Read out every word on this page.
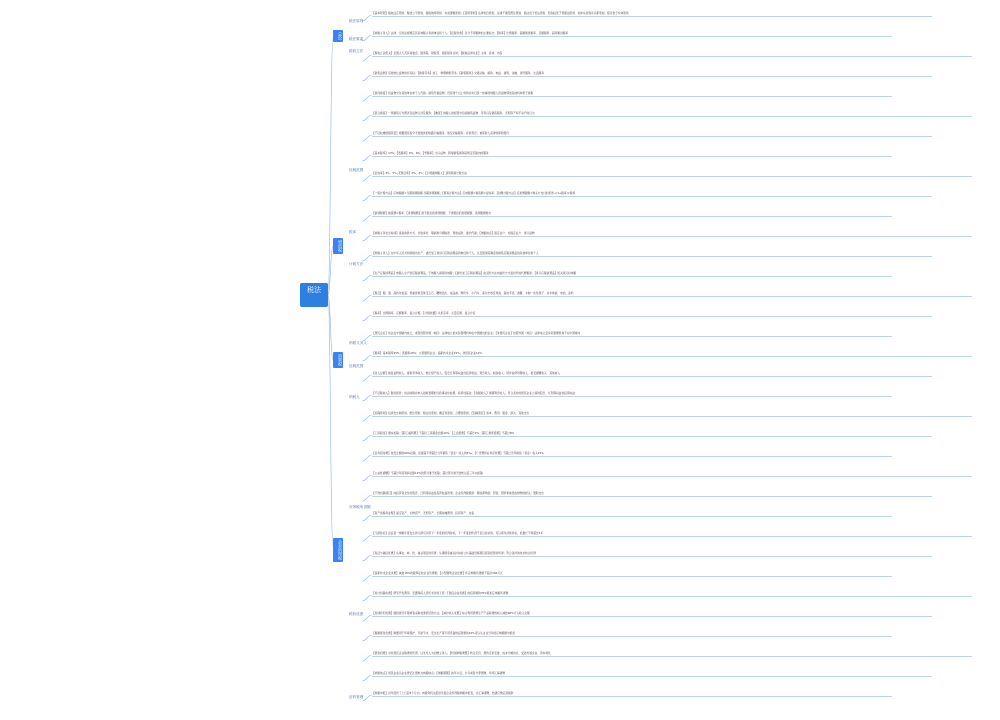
税法
总论
增值税
消费税
企业所得税
税法原则
税法要素
税收立法
征税范围
税率
计税方法
纳税义务人
征税范围
纳税人
应纳税所得额
税收优惠
征收管理
【基本原则】税收法定原则、税收公平原则、税收效率原则、实质课税原则；【适用原则】法律优位原则、法律不溯及既往原则、新法优于旧法原则、特别法优于普通法原则、实体从旧程序从新原则、程序优于实体原则
【纳税义务人】法律、行政法规规定负有纳税义务的单位和个人；【征税对象】区分不同税种的主要标志；【税率】比例税率、超额累进税率、定额税率、超率累进税率
【税收立法机关】全国人大及其常委会、国务院、财政部、国家税务总局；【税收法律关系】主体、客体、内容
【销售货物】有偿转让货物的所有权；【销售劳务】加工、修理修配劳务；【销售服务】交通运输、邮政、电信、建筑、金融、现代服务、生活服务
【视同销售】将货物交付其他单位或个人代销；销售代销货物；设有两个以上机构并实行统一核算的纳税人将货物移送其他机构用于销售
【混合销售】一项销售行为既涉及货物又涉及服务；【兼营】纳税人的经营中包括销售货物、劳务以及销售服务、无形资产和不动产的行为
【不征收增值税项目】根据国家指令无偿提供的铁路运输服务、航空运输服务；存款利息；被保险人获得的保险赔付
【基本税率】13%；【低税率】9%、6%；【零税率】出口货物、跨境销售国务院规定范围内的服务
【征收率】3%、5%；【预征率】2%、3%；【小规模纳税人】适用简易计税方法
【一般计税方法】应纳税额=当期销项税额-当期进项税额；【简易计税方法】应纳税额=销售额×征收率；【扣缴计税方法】应扣缴税额=购买方支付的价款÷(1+税率)×税率
【销项税额】销售额×税率；【进项税额】准予抵扣的进项税额、不得抵扣的进项税额、进项税额转出
【纳税义务发生时间】直接收款方式、托收承付、赊销和分期收款、预收货款、委托代销；【纳税地点】固定业户、非固定业户、进口货物
【纳税义务人】在中华人民共和国境内生产、委托加工和进口应税消费品的单位和个人，以及国务院确定的销售应税消费品的其他单位和个人
【生产应税消费品】纳税人生产的应税消费品，于纳税人销售时纳税；【委托加工应税消费品】由受托方在向委托方交货时代收代缴税款；【进口应税消费品】报关进口时纳税
【税目】烟、酒、高档化妆品、贵重首饰及珠宝玉石、鞭炮焰火、成品油、摩托车、小汽车、高尔夫球及球具、高档手表、游艇、木制一次性筷子、实木地板、电池、涂料
【税率】比例税率、定额税率、复合计税；【计税依据】从价定率、从量定额、复合计征
【居民企业】依法在中国境内成立，或者依照外国（地区）法律成立但实际管理机构在中国境内的企业；【非居民企业】依照外国（地区）法律成立且实际管理机构不在中国境内
【税率】基本税率25%；低税率20%；小型微利企业、高新技术企业15%；非居民企业10%
【收入总额】销售货物收入、提供劳务收入、转让财产收入、股息红利等权益性投资收益、利息收入、租金收入、特许权使用费收入、接受捐赠收入、其他收入
【不征税收入】财政拨款；依法收取并纳入财政管理的行政事业性收费、政府性基金；【免税收入】国债利息收入；符合条件的居民企业之间的股息、红利等权益性投资收益
【扣除原则】权责发生制原则、配比原则、相关性原则、确定性原则、合理性原则；【扣除项目】成本、费用、税金、损失、其他支出
【工资薪金】据实扣除；【职工福利费】不超过工资薪金总额14%；【工会经费】不超过2%；【职工教育经费】不超过8%
【业务招待费】按发生额的60%扣除，但最高不得超过当年销售（营业）收入的5‰；【广告费和业务宣传费】不超过当年销售（营业）收入15%
【公益性捐赠】不超过年度利润总额12%的部分准予扣除；超过部分准予结转以后三年内扣除
【不得扣除项目】向投资者支付的股息、红利等权益性投资收益款项；企业所得税税款；税收滞纳金；罚金、罚款和被没收财物的损失；赞助支出
【资产的税务处理】固定资产、生物资产、无形资产、长期待摊费用、投资资产、存货
【亏损弥补】企业某一纳税年度发生的亏损可以用下一年度的所得弥补，下一年度的所得不足以弥补的，可以逐年延续弥补，但最长不得超过5年
【免征与减征优惠】从事农、林、牧、渔业项目的所得；从事国家重点扶持的公共基础设施项目投资经营的所得；符合条件的技术转让所得
【高新技术企业优惠】减按15%的税率征收企业所得税；【小型微利企业优惠】年应纳税所得额不超过300万元
【加计扣除优惠】研究开发费用、安置残疾人员所支付的工资；【创投企业优惠】按投资额的70%抵扣应纳税所得额
【加速折旧优惠】缩短折旧年限或者采取加速折旧的方法；【减计收入优惠】综合利用资源生产产品取得的收入减按90%计入收入总额
【税额抵免优惠】购置用于环境保护、节能节水、安全生产等专用设备的投资额的10%可以从企业当年的应纳税额中抵免
【源泉扣缴】对非居民企业取得的所得，以支付人为扣缴义务人；【特别纳税调整】转让定价、预约定价安排、成本分摊协议、受控外国企业、资本弱化
【纳税地点】居民企业以企业登记注册地为纳税地点；【纳税期限】按年计征，分月或者分季预缴，年终汇算清缴
【纳税申报】自年度终了之日起5个月内，向税务机关报送年度企业所得税纳税申报表，并汇算清缴，结清应缴应退税款
